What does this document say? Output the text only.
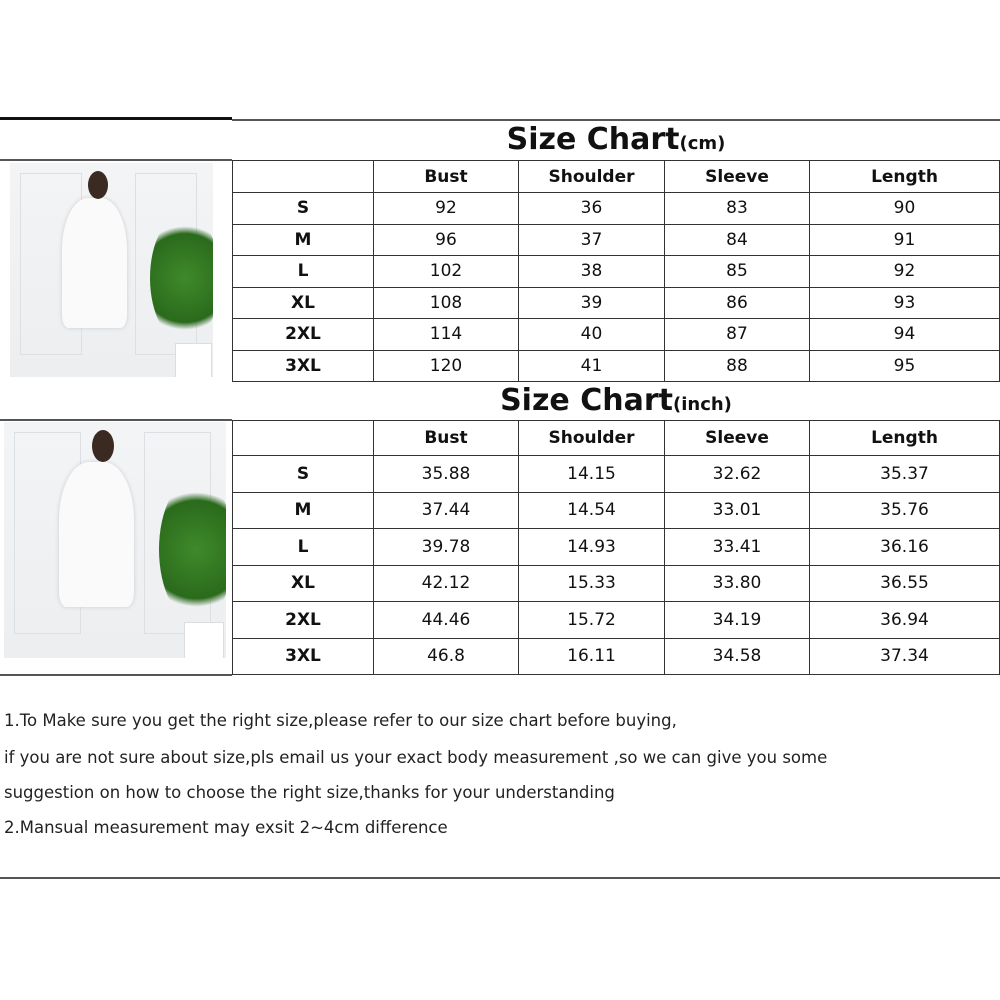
Size Chart(cm)
	Bust	Shoulder	Sleeve	Length
S	92	36	83	90
M	96	37	84	91
L	102	38	85	92
XL	108	39	86	93
2XL	114	40	87	94
3XL	120	41	88	95
Size Chart(inch)
	Bust	Shoulder	Sleeve	Length
S	35.88	14.15	32.62	35.37
M	37.44	14.54	33.01	35.76
L	39.78	14.93	33.41	36.16
XL	42.12	15.33	33.80	36.55
2XL	44.46	15.72	34.19	36.94
3XL	46.8	16.11	34.58	37.34
1.To Make sure you get the right size,please refer to our size chart before buying,
if you are not sure about size,pls email us your exact body measurement ,so we can give you some
suggestion on how to choose the right size,thanks for your understanding
2.Mansual measurement may exsit 2~4cm difference
